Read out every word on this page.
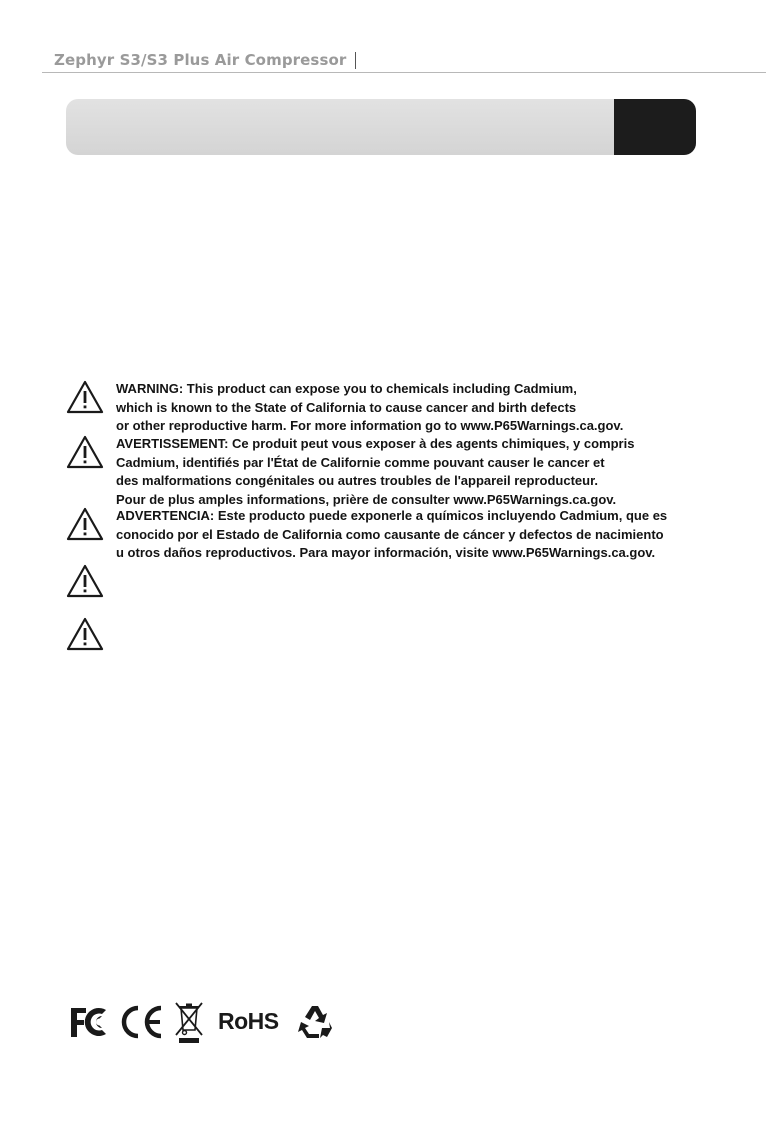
Zephyr S3/S3 Plus Air Compressor
WARNING: This product can expose you to chemicals including Cadmium,
which is known to the State of California to cause cancer and birth defects
or other reproductive harm. For more information go to www.P65Warnings.ca.gov.
AVERTISSEMENT: Ce produit peut vous exposer à des agents chimiques, y compris
Cadmium, identifiés par l'État de Californie comme pouvant causer le cancer et
des malformations congénitales ou autres troubles de l'appareil reproducteur.
Pour de plus amples informations, prière de consulter www.P65Warnings.ca.gov.
ADVERTENCIA: Este producto puede exponerle a químicos incluyendo Cadmium, que es
conocido por el Estado de California como causante de cáncer y defectos de nacimiento
u otros daños reproductivos. Para mayor información, visite www.P65Warnings.ca.gov.
RoHS
